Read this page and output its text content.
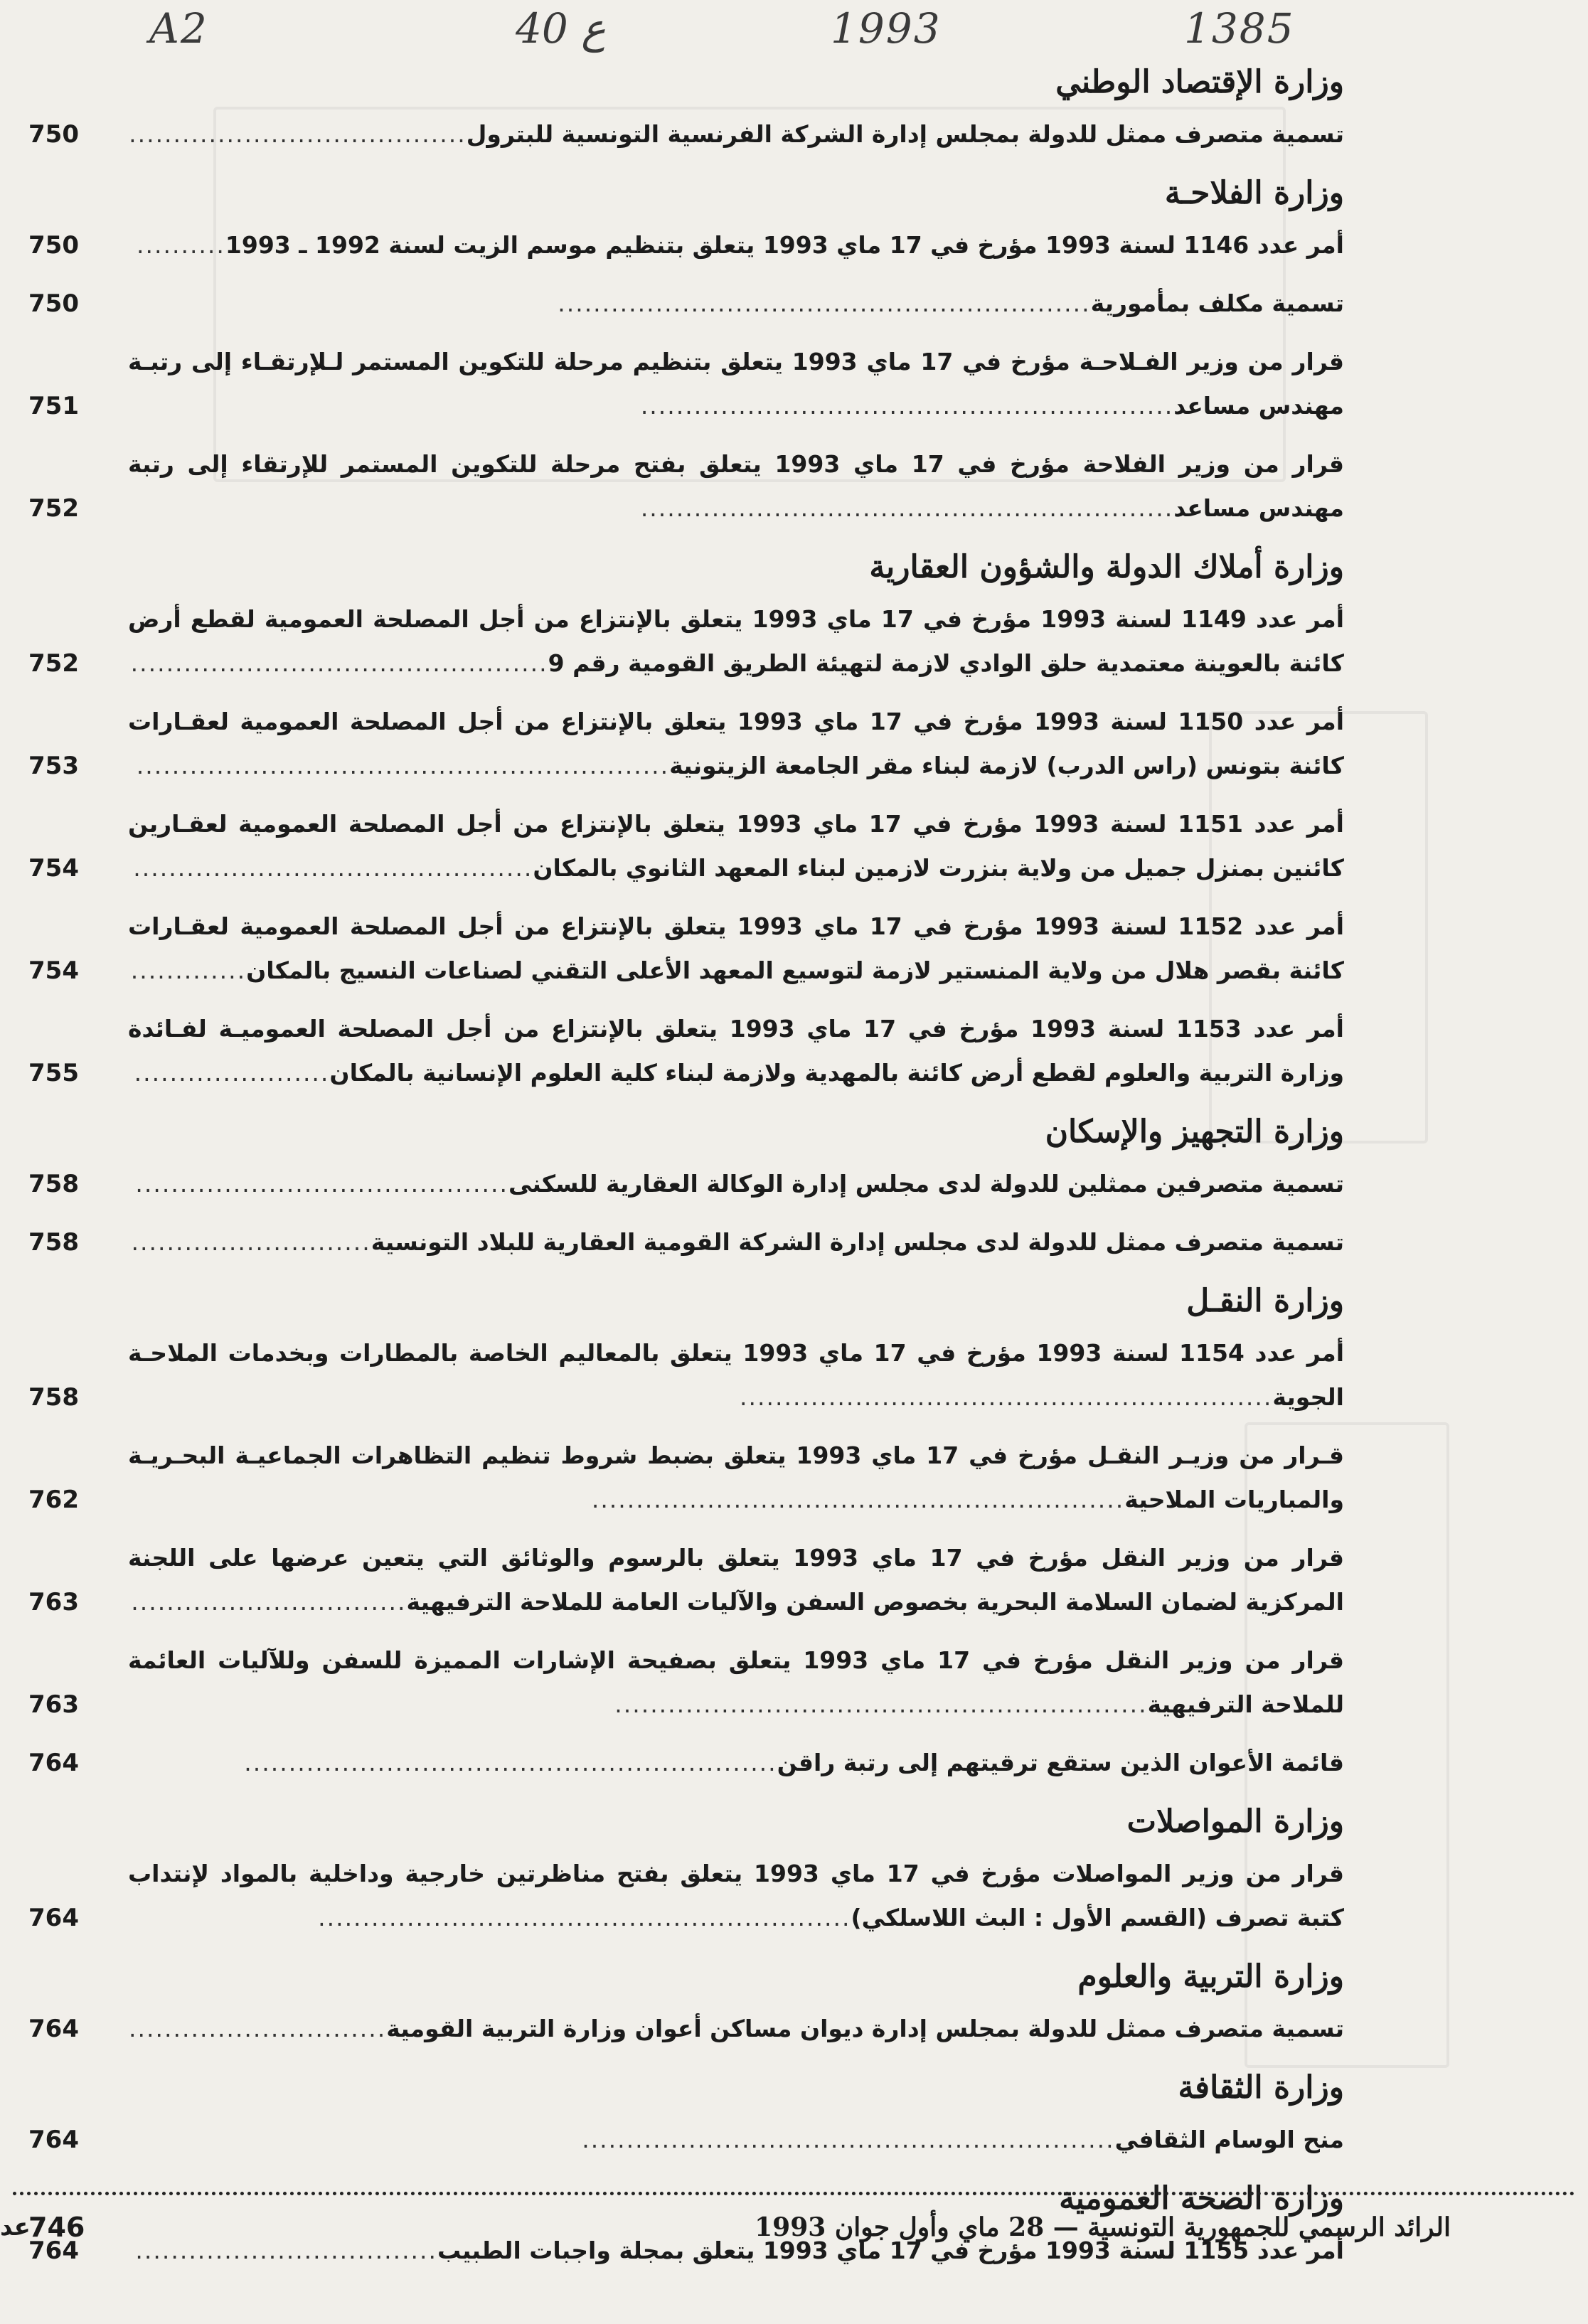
A2	40 ع	1993	1385
وزارة الإقتصاد الوطني
تسمية متصرف ممثل للدولة بمجلس إدارة الشركة الفرنسية التونسية للبترول......................................
750
وزارة الفلاحـة
أمر عدد 1146 لسنة 1993 مؤرخ في 17 ماي 1993 يتعلق بتنظيم موسم الزيت لسنة 1992 ـ 1993..........
750
تسمية مكلف بمأمورية............................................................
750
قرار من وزير الفـلاحـة مؤرخ في 17 ماي 1993 يتعلق بتنظيم مرحلة للتكوين المستمر لـلإرتقـاء إلى رتبـة مهندس مساعد............................................................
751
قرار من وزير الفلاحة مؤرخ في 17 ماي 1993 يتعلق بفتح مرحلة للتكوين المستمر للإرتقاء إلى رتبة مهندس مساعد............................................................
752
وزارة أملاك الدولة والشؤون العقارية
أمر عدد 1149 لسنة 1993 مؤرخ في 17 ماي 1993 يتعلق بالإنتزاع من أجل المصلحة العمومية لقطع أرض كائنة بالعوينة معتمدية حلق الوادي لازمة لتهيئة الطريق القومية رقم 9...............................................
752
أمر عدد 1150 لسنة 1993 مؤرخ في 17 ماي 1993 يتعلق بالإنتزاع من أجل المصلحة العمومية لعقـارات كائنة بتونس (راس الدرب) لازمة لبناء مقر الجامعة الزيتونية............................................................
753
أمر عدد 1151 لسنة 1993 مؤرخ في 17 ماي 1993 يتعلق بالإنتزاع من أجل المصلحة العمومية لعقـارين كائنين بمنزل جميل من ولاية بنزرت لازمين لبناء المعهد الثانوي بالمكان.............................................
754
أمر عدد 1152 لسنة 1993 مؤرخ في 17 ماي 1993 يتعلق بالإنتزاع من أجل المصلحة العمومية لعقـارات كائنة بقصر هلال من ولاية المنستير لازمة لتوسيع المعهد الأعلى التقني لصناعات النسيج بالمكان.............
754
أمر عدد 1153 لسنة 1993 مؤرخ في 17 ماي 1993 يتعلق بالإنتزاع من أجل المصلحة العموميـة لفـائدة وزارة التربية والعلوم لقطع أرض كائنة بالمهدية ولازمة لبناء كلية العلوم الإنسانية بالمكان......................
755
وزارة التجهيز والإسكان
تسمية متصرفين ممثلين للدولة لدى مجلس إدارة الوكالة العقارية للسكنى..........................................
758
تسمية متصرف ممثل للدولة لدى مجلس إدارة الشركة القومية العقارية للبلاد التونسية...........................
758
وزارة النقـل
أمر عدد 1154 لسنة 1993 مؤرخ في 17 ماي 1993 يتعلق بالمعاليم الخاصة بالمطارات وبخدمات الملاحـة الجوية............................................................
758
قـرار من وزيـر النقـل مؤرخ في 17 ماي 1993 يتعلق بضبط شروط تنظيم التظاهرات الجماعيـة البحـريـة والمباريات الملاحية............................................................
762
قرار من وزير النقل مؤرخ في 17 ماي 1993 يتعلق بالرسوم والوثائق التي يتعين عرضها على اللجنة المركزية لضمان السلامة البحرية بخصوص السفن والآليات العامة للملاحة الترفيهية...............................
763
قرار من وزير النقل مؤرخ في 17 ماي 1993 يتعلق بصفيحة الإشارات المميزة للسفن وللآليات العائمة للملاحة الترفيهية............................................................
763
قائمة الأعوان الذين ستقع ترقيتهم إلى رتبة راقن............................................................
764
وزارة المواصلات
قرار من وزير المواصلات مؤرخ في 17 ماي 1993 يتعلق بفتح مناظرتين خارجية وداخلية بالمواد لإنتداب كتبة تصرف (القسم الأول : البث اللاسلكي)............................................................
764
وزارة التربية والعلوم
تسمية متصرف ممثل للدولة بمجلس إدارة ديوان مساكن أعوان وزارة التربية القومية.............................
764
وزارة الثقافة
منح الوسام الثقافي............................................................
764
وزارة الصحة العمومية
أمر عدد 1155 لسنة 1993 مؤرخ في 17 ماي 1993 يتعلق بمجلة واجبات الطبيب..................................
764
الرائد الرسمي للجمهورية التونسية — 28 ماي وأول جوان 1993
746
عد
